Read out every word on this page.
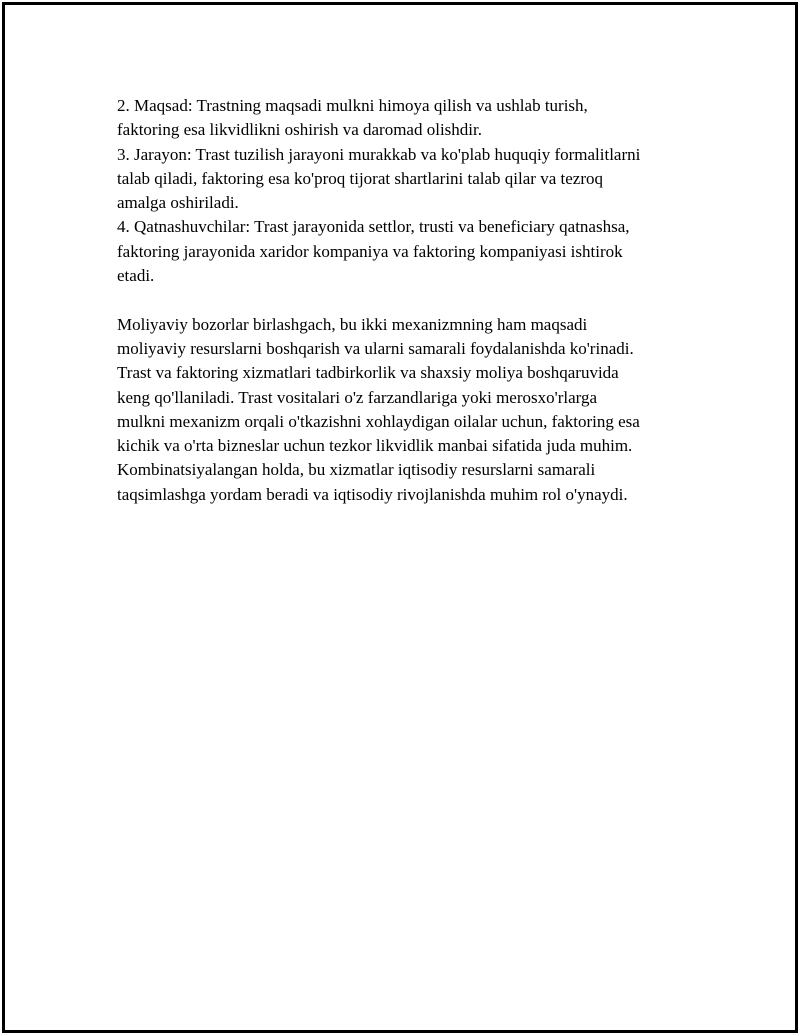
2. Maqsad: Trastning maqsadi mulkni himoya qilish va ushlab turish,
faktoring esa likvidlikni oshirish va daromad olishdir.
3. Jarayon: Trast tuzilish jarayoni murakkab va ko'plab huquqiy formalitlarni
talab qiladi, faktoring esa ko'proq tijorat shartlarini talab qilar va tezroq
amalga oshiriladi.
4. Qatnashuvchilar: Trast jarayonida settlor, trusti va beneficiary qatnashsa,
faktoring jarayonida xaridor kompaniya va faktoring kompaniyasi ishtirok
etadi.
Moliyaviy bozorlar birlashgach, bu ikki mexanizmning ham maqsadi
moliyaviy resurslarni boshqarish va ularni samarali foydalanishda ko'rinadi.
Trast va faktoring xizmatlari tadbirkorlik va shaxsiy moliya boshqaruvida
keng qo'llaniladi. Trast vositalari o'z farzandlariga yoki merosxo'rlarga
mulkni mexanizm orqali o'tkazishni xohlaydigan oilalar uchun, faktoring esa
kichik va o'rta bizneslar uchun tezkor likvidlik manbai sifatida juda muhim.
Kombinatsiyalangan holda, bu xizmatlar iqtisodiy resurslarni samarali
taqsimlashga yordam beradi va iqtisodiy rivojlanishda muhim rol o'ynaydi.
